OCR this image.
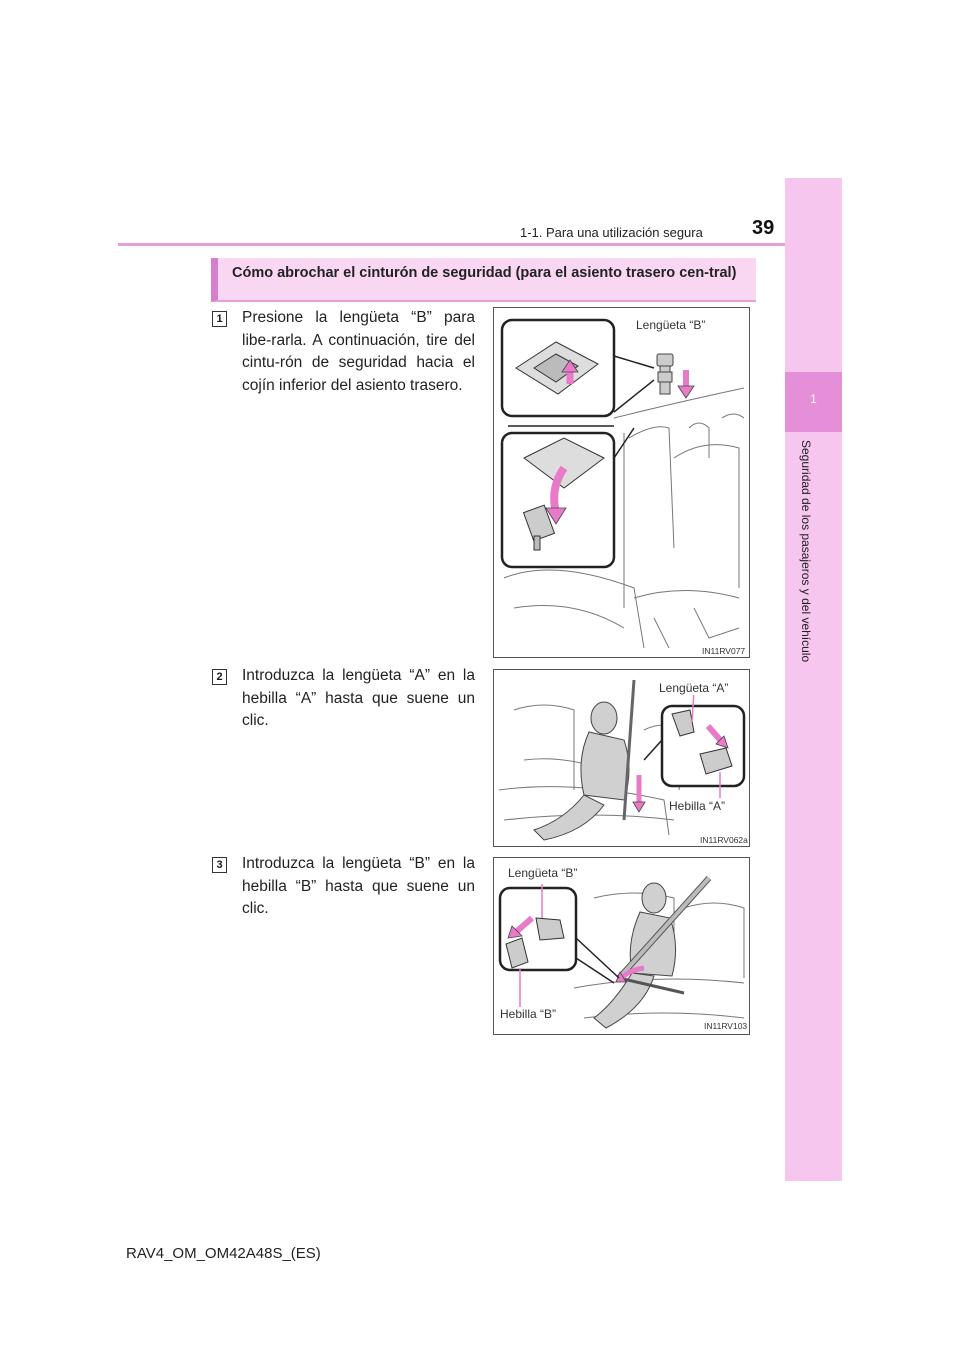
1-1. Para una utilización segura 39
1
Seguridad de los pasajeros y del vehículo
Cómo abrochar el cinturón de seguridad (para el asiento trasero cen-tral)
1 Presione la lengüeta “B” para libe-rarla. A continuación, tire del cintu-rón de seguridad hacia el cojín inferior del asiento trasero.
Lengüeta “B”
IN11RV077
2 Introduzca la lengüeta “A” en la hebilla “A” hasta que suene un clic.
Lengüeta “A”
Hebilla “A”
IN11RV062a
3 Introduzca la lengüeta “B” en la hebilla “B” hasta que suene un clic.
Lengüeta “B”
Hebilla “B”
IN11RV103
RAV4_OM_OM42A48S_(ES)
